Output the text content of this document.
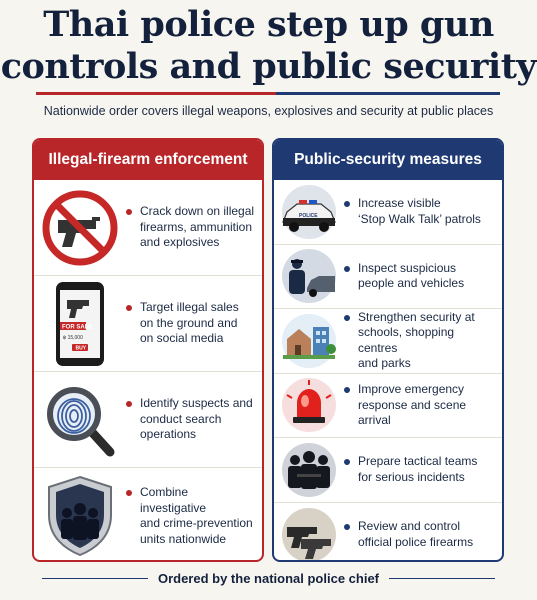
Thai police step up gun
controls and public security
Nationwide order covers illegal weapons, explosives and security at public places
Illegal-firearm enforcement
Crack down on illegal
firearms, ammunition
and explosives
FOR SALE
฿ 15,000
BUY
Target illegal sales
on the ground and
on social media
Identify suspects and
conduct search
operations
Combine investigative
and crime-prevention
units nationwide
Public-security measures
POLICE
Increase visible
‘Stop Walk Talk’ patrols
Inspect suspicious
people and vehicles
Strengthen security at
schools, shopping centres
and parks
Improve emergency
response and scene
arrival
Prepare tactical teams
for serious incidents
Review and control
official police firearms
Ordered by the national police chief
